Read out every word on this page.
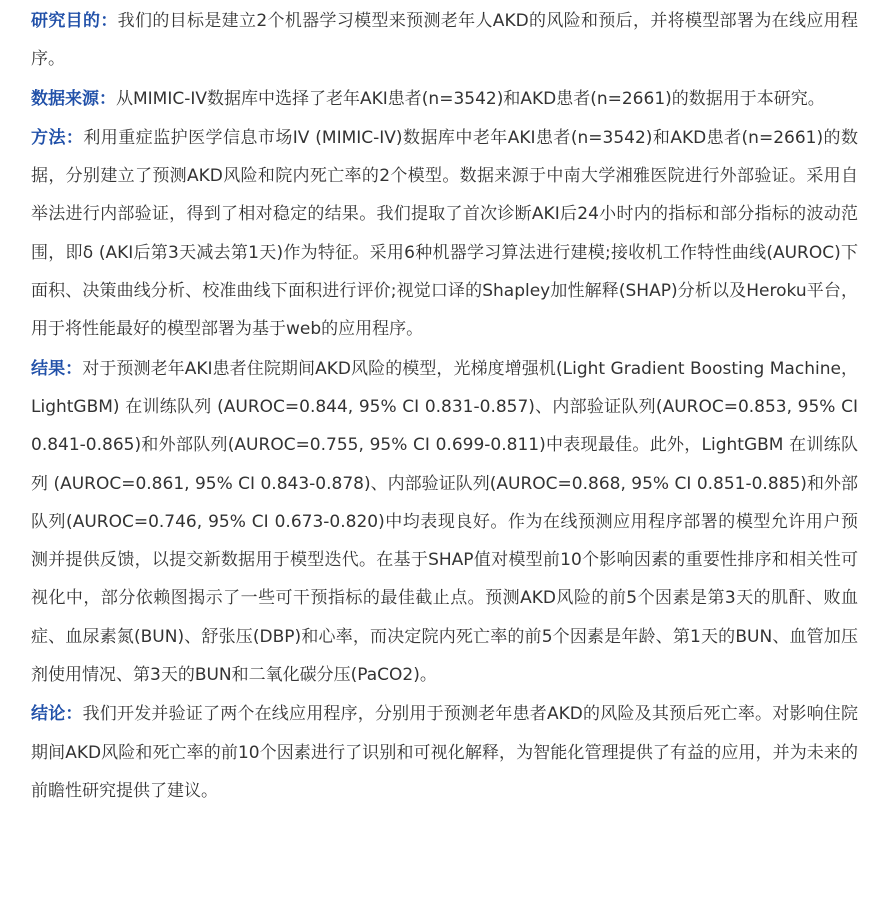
研究目的：我们的目标是建立2个机器学习模型来预测老年人AKD的风险和预后，并将模型部署为在线应用程序。

数据来源：从MIMIC-IV数据库中选择了老年AKI患者(n=3542)和AKD患者(n=2661)的数据用于本研究。

方法：利用重症监护医学信息市场IV (MIMIC-IV)数据库中老年AKI患者(n=3542)和AKD患者(n=2661)的数据，分别建立了预测AKD风险和院内死亡率的2个模型。数据来源于中南大学湘雅医院进行外部验证。采用自举法进行内部验证，得到了相对稳定的结果。我们提取了首次诊断AKI后24小时内的指标和部分指标的波动范围，即δ (AKI后第3天减去第1天)作为特征。采用6种机器学习算法进行建模;接收机工作特性曲线(AUROC)下面积、决策曲线分析、校准曲线下面积进行评价;视觉口译的Shapley加性解释(SHAP)分析以及Heroku平台，用于将性能最好的模型部署为基于web的应用程序。

结果：对于预测老年AKI患者住院期间AKD风险的模型，光梯度增强机(Light Gradient Boosting Machine，LightGBM) 在训练队列 (AUROC=0.844, 95% CI 0.831-0.857)、内部验证队列(AUROC=0.853, 95% CI 0.841-0.865)和外部队列(AUROC=0.755, 95% CI 0.699-0.811)中表现最佳。此外，LightGBM 在训练队列 (AUROC=0.861, 95% CI 0.843-0.878)、内部验证队列(AUROC=0.868, 95% CI 0.851-0.885)和外部队列(AUROC=0.746, 95% CI 0.673-0.820)中均表现良好。作为在线预测应用程序部署的模型允许用户预测并提供反馈，以提交新数据用于模型迭代。在基于SHAP值对模型前10个影响因素的重要性排序和相关性可视化中，部分依赖图揭示了一些可干预指标的最佳截止点。预测AKD风险的前5个因素是第3天的肌酐、败血症、血尿素氮(BUN)、舒张压(DBP)和心率，而决定院内死亡率的前5个因素是年龄、第1天的BUN、血管加压剂使用情况、第3天的BUN和二氧化碳分压(PaCO2)。

结论：我们开发并验证了两个在线应用程序，分别用于预测老年患者AKD的风险及其预后死亡率。对影响住院期间AKD风险和死亡率的前10个因素进行了识别和可视化解释，为智能化管理提供了有益的应用，并为未来的前瞻性研究提供了建议。
